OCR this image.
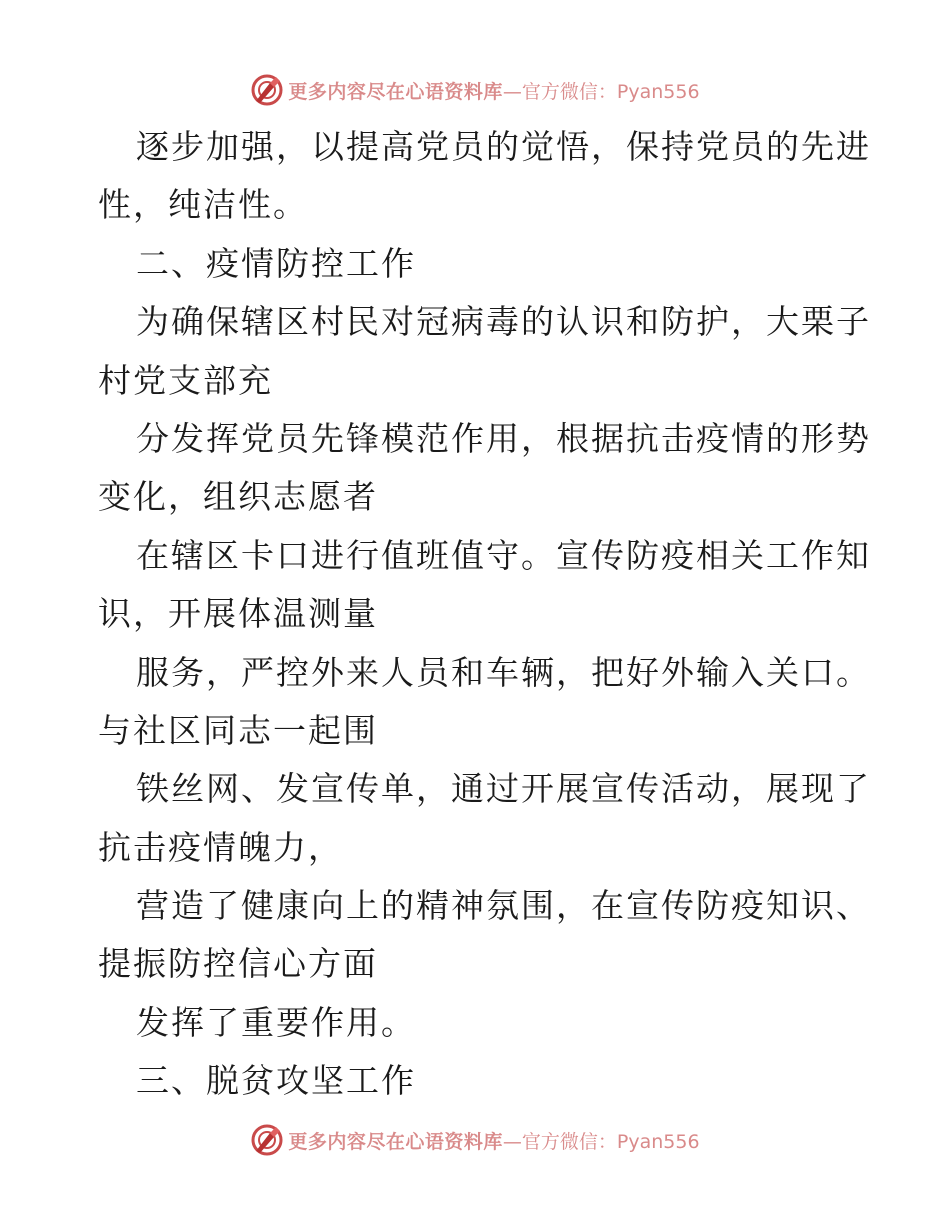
更多内容尽在心语资料库 —官方微信：Pyan556
逐步加强，以提高党员的觉悟，保持党员的先进
性，纯洁性。
二、疫情防控工作
为确保辖区村民对冠病毒的认识和防护，大栗子
村党支部充
分发挥党员先锋模范作用，根据抗击疫情的形势
变化，组织志愿者
在辖区卡口进行值班值守。宣传防疫相关工作知
识，开展体温测量
服务，严控外来人员和车辆，把好外输入关口。
与社区同志一起围
铁丝网、发宣传单，通过开展宣传活动，展现了
抗击疫情魄力，
营造了健康向上的精神氛围，在宣传防疫知识、
提振防控信心方面
发挥了重要作用。
三、脱贫攻坚工作
更多内容尽在心语资料库 —官方微信：Pyan556
